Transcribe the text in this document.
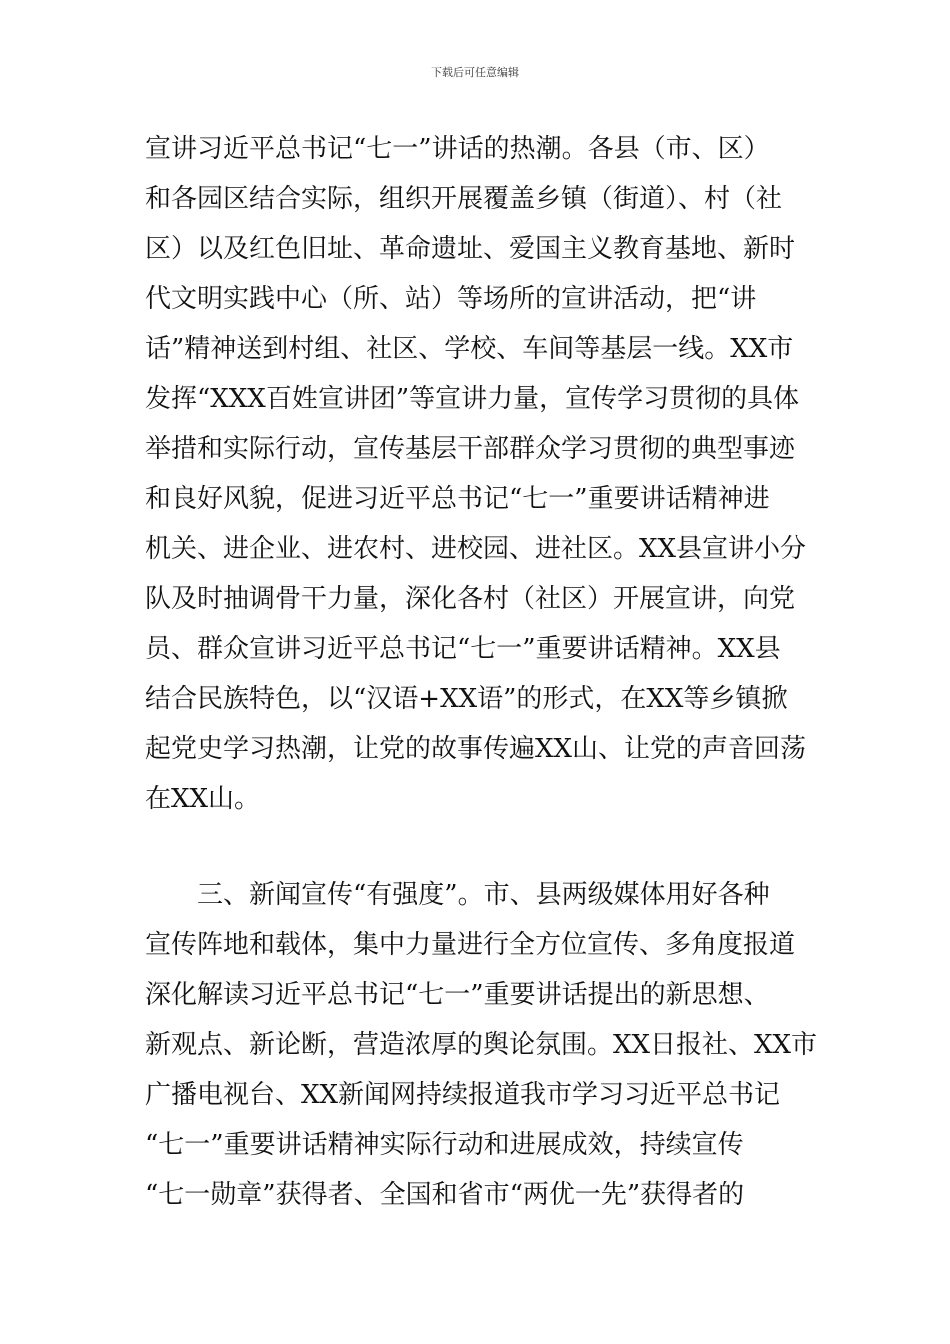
下载后可任意编辑
宣讲习近平总书记“七一”讲话的热潮。各县（市、区）
和各园区结合实际，组织开展覆盖乡镇（街道）、村（社
区）以及红色旧址、革命遗址、爱国主义教育基地、新时
代文明实践中心（所、站）等场所的宣讲活动，把“讲
话”精神送到村组、社区、学校、车间等基层一线。XX市
发挥“XXX百姓宣讲团”等宣讲力量，宣传学习贯彻的具体
举措和实际行动，宣传基层干部群众学习贯彻的典型事迹
和良好风貌，促进习近平总书记“七一”重要讲话精神进
机关、进企业、进农村、进校园、进社区。XX县宣讲小分
队及时抽调骨干力量，深化各村（社区）开展宣讲，向党
员、群众宣讲习近平总书记“七一”重要讲话精神。XX县
结合民族特色，以“汉语+XX语”的形式，在XX等乡镇掀
起党史学习热潮，让党的故事传遍XX山、让党的声音回荡
在XX山。
　　三、新闻宣传“有强度”。市、县两级媒体用好各种
宣传阵地和载体，集中力量进行全方位宣传、多角度报道
深化解读习近平总书记“七一”重要讲话提出的新思想、
新观点、新论断，营造浓厚的舆论氛围。XX日报社、XX市
广播电视台、XX新闻网持续报道我市学习习近平总书记
“七一”重要讲话精神实际行动和进展成效，持续宣传
“七一勋章”获得者、全国和省市“两优一先”获得者的
